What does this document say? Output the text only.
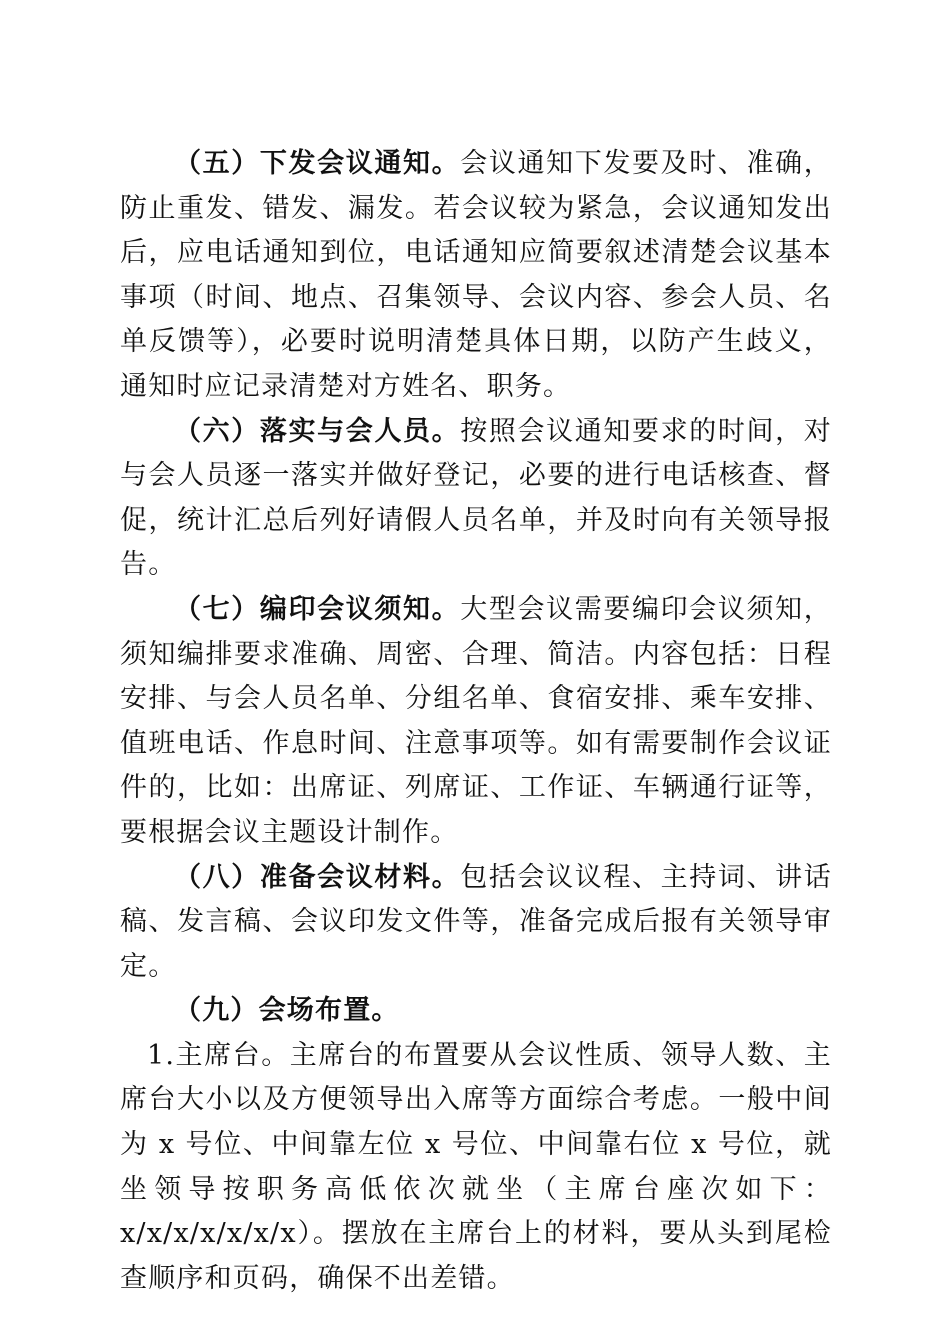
（五）下发会议通知。会议通知下发要及时、准确，防止重发、错发、漏发。若会议较为紧急，会议通知发出后，应电话通知到位，电话通知应简要叙述清楚会议基本事项（时间、地点、召集领导、会议内容、参会人员、名单反馈等），必要时说明清楚具体日期，以防产生歧义，通知时应记录清楚对方姓名、职务。

（六）落实与会人员。按照会议通知要求的时间，对与会人员逐一落实并做好登记，必要的进行电话核查、督促，统计汇总后列好请假人员名单，并及时向有关领导报告。

（七）编印会议须知。大型会议需要编印会议须知，须知编排要求准确、周密、合理、简洁。内容包括：日程安排、与会人员名单、分组名单、食宿安排、乘车安排、值班电话、作息时间、注意事项等。如有需要制作会议证件的，比如：出席证、列席证、工作证、车辆通行证等，要根据会议主题设计制作。

（八）准备会议材料。包括会议议程、主持词、讲话稿、发言稿、会议印发文件等，准备完成后报有关领导审定。

（九）会场布置。

1.主席台。主席台的布置要从会议性质、领导人数、主席台大小以及方便领导出入席等方面综合考虑。一般中间为 x 号位、中间靠左位 x 号位、中间靠右位 x 号位，就坐领导按职务高低依次就坐（主席台座次如下：x/x/x/x/x/x/x）。摆放在主席台上的材料，要从头到尾检查顺序和页码，确保不出差错。
